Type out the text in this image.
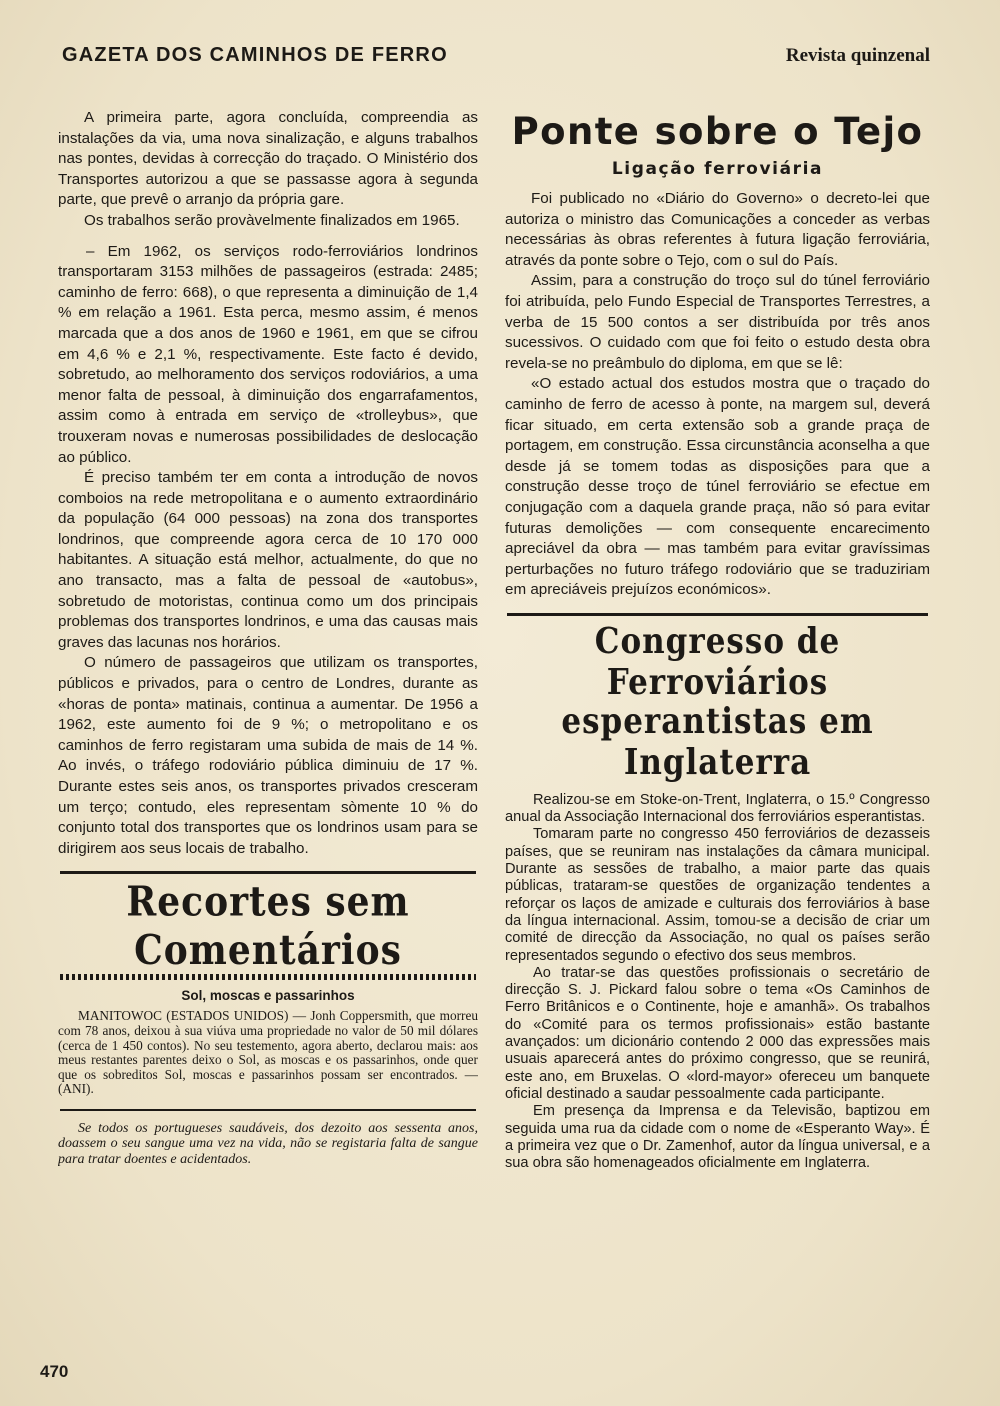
GAZETA DOS CAMINHOS DE FERRO	Revista quinzenal

A primeira parte, agora concluída, compreendia as instalações da via, uma nova sinalização, e alguns trabalhos nas pontes, devidas à correcção do traçado. O Ministério dos Transportes autorizou a que se passasse agora à segunda parte, que prevê o arranjo da própria gare.

Os trabalhos serão provàvelmente finalizados em 1965.

– Em 1962, os serviços rodo-ferroviários londrinos transportaram 3153 milhões de passageiros (estrada: 2485; caminho de ferro: 668), o que representa a diminuição de 1,4 % em relação a 1961. Esta perca, mesmo assim, é menos marcada que a dos anos de 1960 e 1961, em que se cifrou em 4,6 % e 2,1 %, respectivamente. Este facto é devido, sobretudo, ao melhoramento dos serviços rodoviários, a uma menor falta de pessoal, à diminuição dos engarrafamentos, assim como à entrada em serviço de «trolleybus», que trouxeram novas e numerosas possibilidades de deslocação ao público.

É preciso também ter em conta a introdução de novos comboios na rede metropolitana e o aumento extraordinário da população (64 000 pessoas) na zona dos transportes londrinos, que compreende agora cerca de 10 170 000 habitantes. A situação está melhor, actualmente, do que no ano transacto, mas a falta de pessoal de «autobus», sobretudo de motoristas, continua como um dos principais problemas dos transportes londrinos, e uma das causas mais graves das lacunas nos horários.

O número de passageiros que utilizam os transportes, públicos e privados, para o centro de Londres, durante as «horas de ponta» matinais, continua a aumentar. De 1956 a 1962, este aumento foi de 9 %; o metropolitano e os caminhos de ferro registaram uma subida de mais de 14 %. Ao invés, o tráfego rodoviário pública diminuiu de 17 %. Durante estes seis anos, os transportes privados cresceram um terço; contudo, eles representam sòmente 10 % do conjunto total dos transportes que os londrinos usam para se dirigirem aos seus locais de trabalho.

Recortes sem Comentários
Sol, moscas e passarinhos

MANITOWOC (ESTADOS UNIDOS) — Jonh Coppersmith, que morreu com 78 anos, deixou à sua viúva uma propriedade no valor de 50 mil dólares (cerca de 1 450 contos). No seu testemento, agora aberto, declarou mais: aos meus restantes parentes deixo o Sol, as moscas e os passarinhos, onde quer que os sobreditos Sol, moscas e passarinhos possam ser encontrados. — (ANI).

Se todos os portugueses saudáveis, dos dezoito aos sessenta anos, doassem o seu sangue uma vez na vida, não se registaria falta de sangue para tratar doentes e acidentados.

Ponte sobre o Tejo
Ligação ferroviária

Foi publicado no «Diário do Governo» o decreto-lei que autoriza o ministro das Comunicações a conceder as verbas necessárias às obras referentes à futura ligação ferroviária, através da ponte sobre o Tejo, com o sul do País.

Assim, para a construção do troço sul do túnel ferroviário foi atribuída, pelo Fundo Especial de Transportes Terrestres, a verba de 15 500 contos a ser distribuída por três anos sucessivos. O cuidado com que foi feito o estudo desta obra revela-se no preâmbulo do diploma, em que se lê:

«O estado actual dos estudos mostra que o traçado do caminho de ferro de acesso à ponte, na margem sul, deverá ficar situado, em certa extensão sob a grande praça de portagem, em construção. Essa circunstância aconselha a que desde já se tomem todas as disposições para que a construção desse troço de túnel ferroviário se efectue em conjugação com a daquela grande praça, não só para evitar futuras demolições — com consequente encarecimento apreciável da obra — mas também para evitar gravíssimas perturbações no futuro tráfego rodoviário que se traduziriam em apreciáveis prejuízos económicos».

Congresso de Ferroviários
esperantistas em Inglaterra

Realizou-se em Stoke-on-Trent, Inglaterra, o 15.º Congresso anual da Associação Internacional dos ferroviários esperantistas.

Tomaram parte no congresso 450 ferroviários de dezasseis países, que se reuniram nas instalações da câmara municipal. Durante as sessões de trabalho, a maior parte das quais públicas, trataram-se questões de organização tendentes a reforçar os laços de amizade e culturais dos ferroviários à base da língua internacional. Assim, tomou-se a decisão de criar um comité de direcção da Associação, no qual os países serão representados segundo o efectivo dos seus membros.

Ao tratar-se das questões profissionais o secretário de direcção S. J. Pickard falou sobre o tema «Os Caminhos de Ferro Britânicos e o Continente, hoje e amanhã». Os trabalhos do «Comité para os termos profissionais» estão bastante avançados: um dicionário contendo 2 000 das expressões mais usuais aparecerá antes do próximo congresso, que se reunirá, este ano, em Bruxelas. O «lord-mayor» ofereceu um banquete oficial destinado a saudar pessoalmente cada participante.

Em presença da Imprensa e da Televisão, baptizou em seguida uma rua da cidade com o nome de «Esperanto Way». É a primeira vez que o Dr. Zamenhof, autor da língua universal, e a sua obra são homenageados oficialmente em Inglaterra.

470
